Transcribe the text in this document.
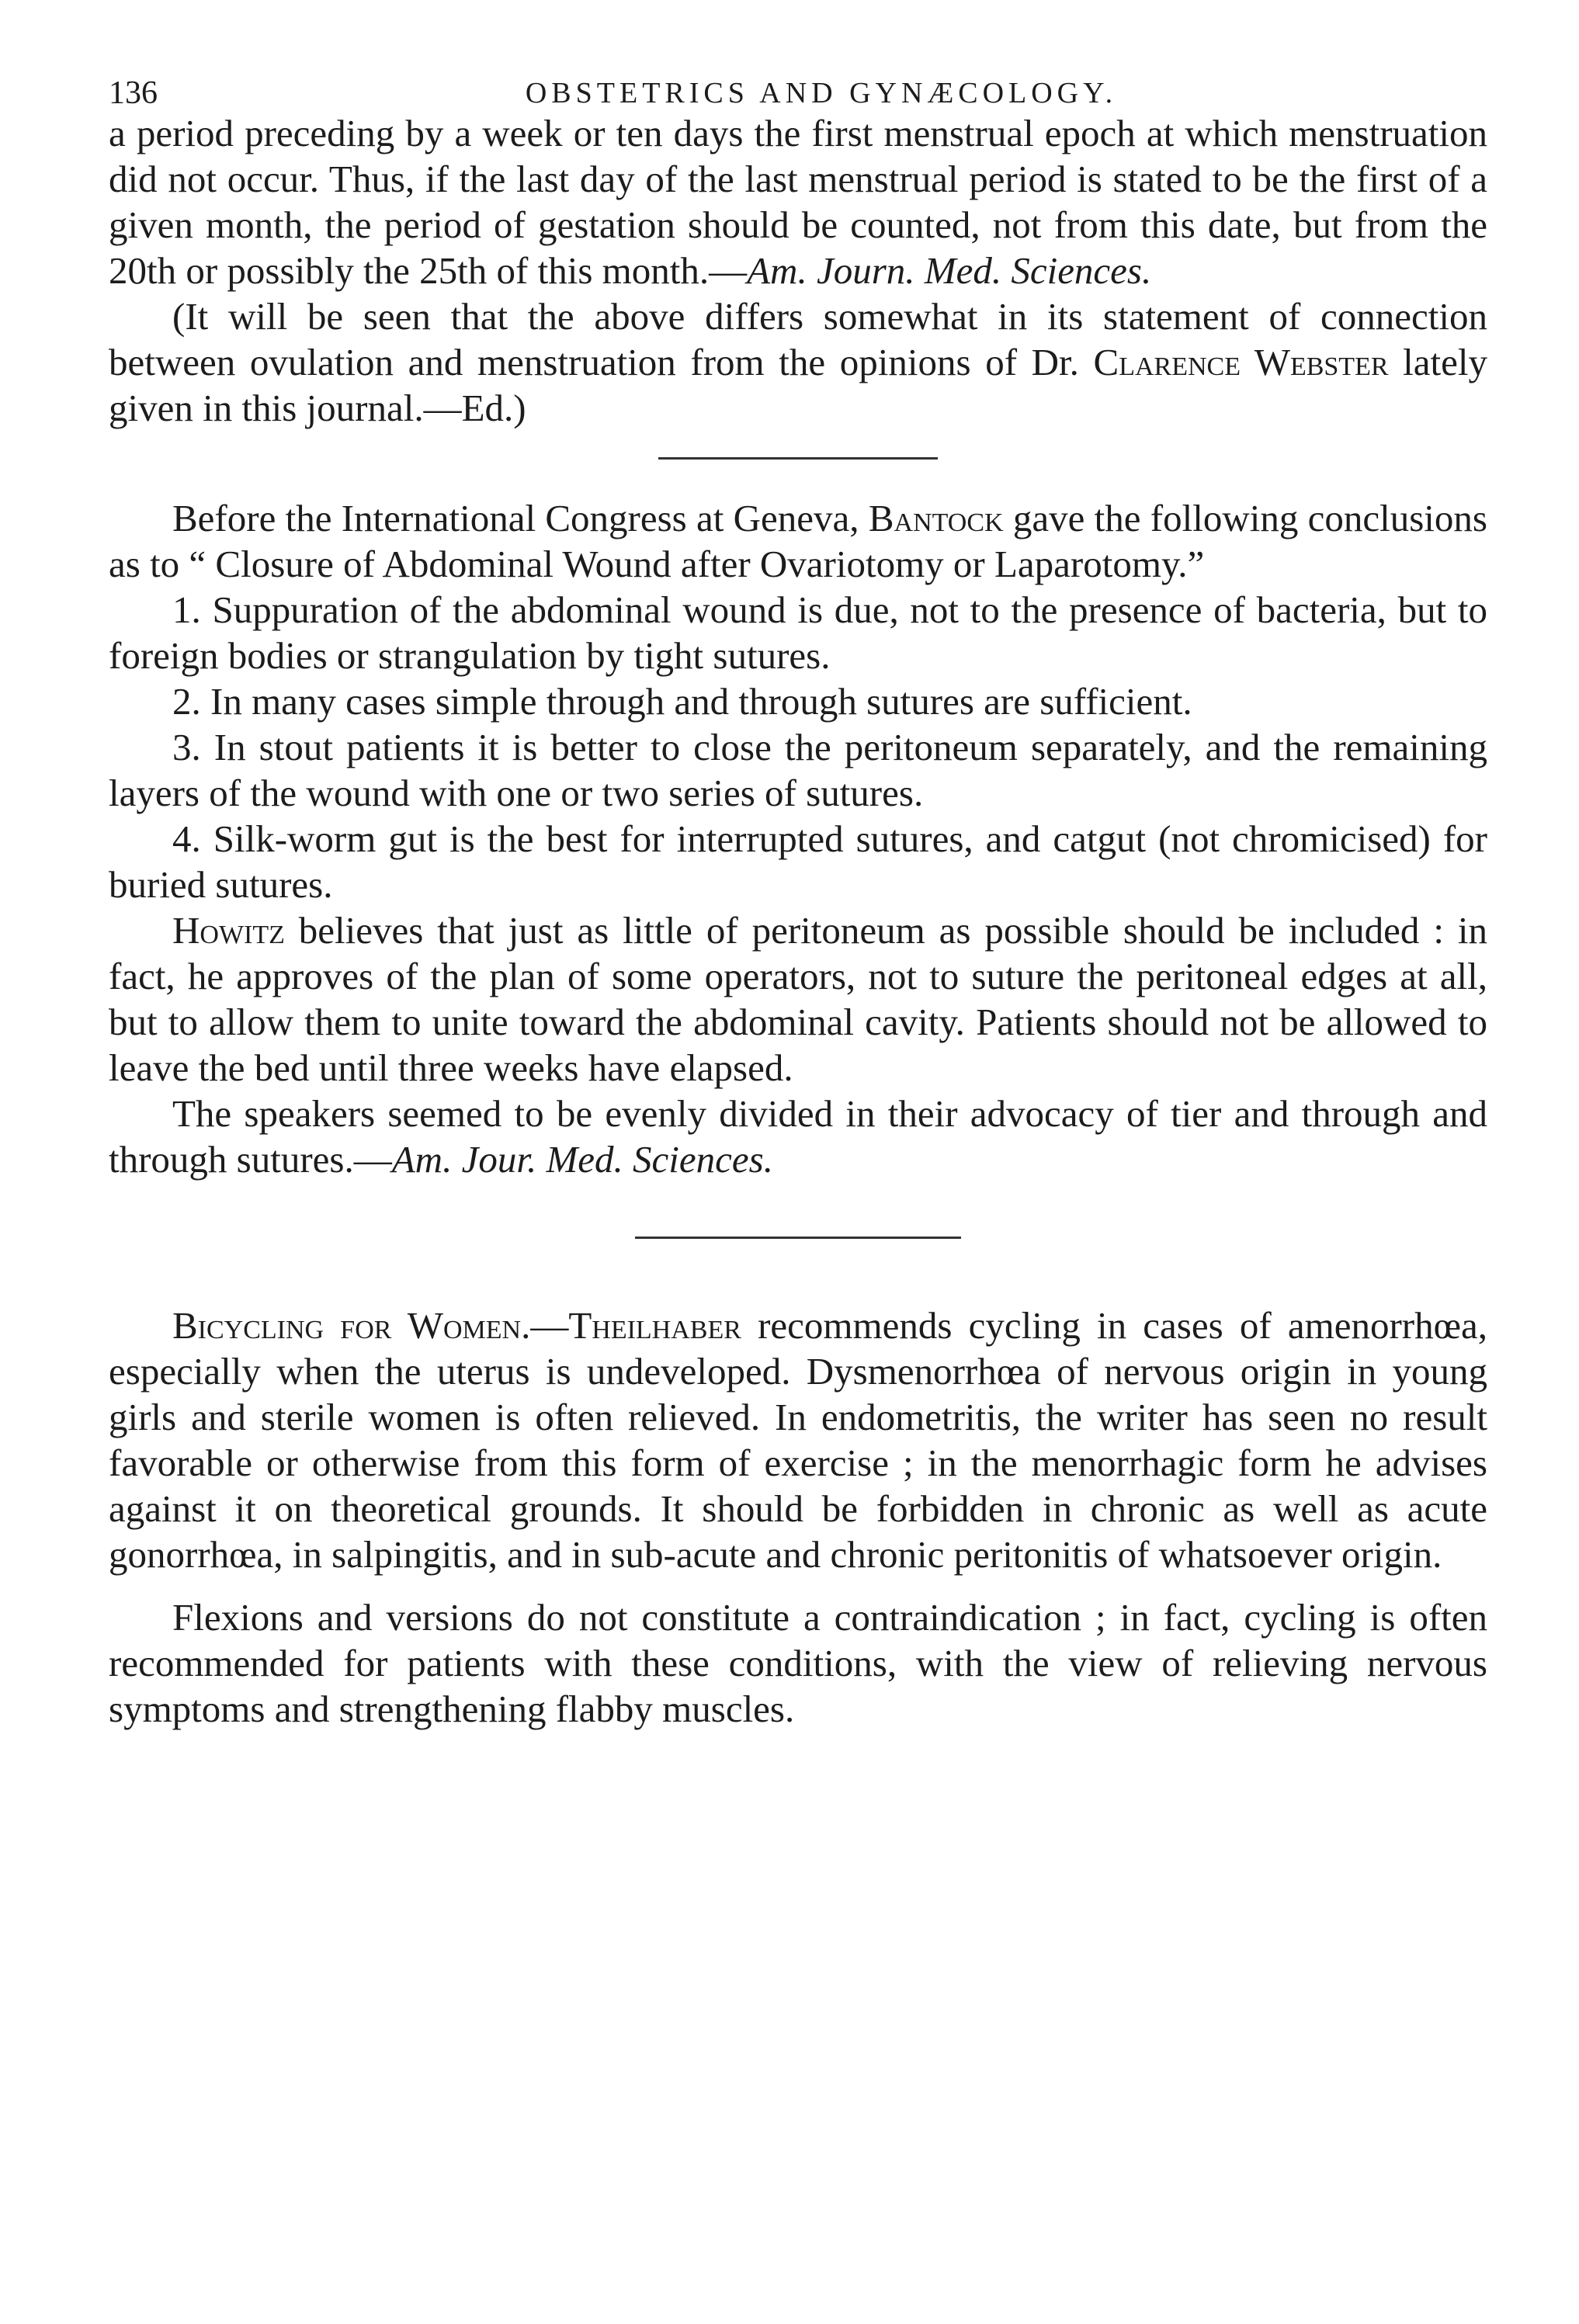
136	OBSTETRICS AND GYNÆCOLOGY.

a period preceding by a week or ten days the first menstrual epoch at which menstruation did not occur. Thus, if the last day of the last menstrual period is stated to be the first of a given month, the period of gestation should be counted, not from this date, but from the 20th or possibly the 25th of this month.—Am. Journ. Med. Sciences.

(It will be seen that the above differs somewhat in its statement of connection between ovulation and menstruation from the opinions of Dr. Clarence Webster lately given in this journal.—Ed.)

Before the International Congress at Geneva, Bantock gave the following conclusions as to “ Closure of Abdominal Wound after Ovariotomy or Laparotomy.”

1. Suppuration of the abdominal wound is due, not to the presence of bacteria, but to foreign bodies or strangulation by tight sutures.

2. In many cases simple through and through sutures are sufficient.

3. In stout patients it is better to close the peritoneum separately, and the remaining layers of the wound with one or two series of sutures.

4. Silk-worm gut is the best for interrupted sutures, and catgut (not chromicised) for buried sutures.

Howitz believes that just as little of peritoneum as possible should be included : in fact, he approves of the plan of some operators, not to suture the peritoneal edges at all, but to allow them to unite toward the abdominal cavity. Patients should not be allowed to leave the bed until three weeks have elapsed.

The speakers seemed to be evenly divided in their advocacy of tier and through and through sutures.—Am. Jour. Med. Sciences.

Bicycling for Women.—Theilhaber recommends cycling in cases of amenorrhœa, especially when the uterus is undeveloped. Dysmenorrhœa of nervous origin in young girls and sterile women is often relieved. In endometritis, the writer has seen no result favorable or otherwise from this form of exercise ; in the menorrhagic form he advises against it on theoretical grounds. It should be forbidden in chronic as well as acute gonorrhœa, in salpingitis, and in sub-acute and chronic peritonitis of whatsoever origin.

Flexions and versions do not constitute a contraindication ; in fact, cycling is often recommended for patients with these conditions, with the view of relieving nervous symptoms and strengthening flabby muscles.
